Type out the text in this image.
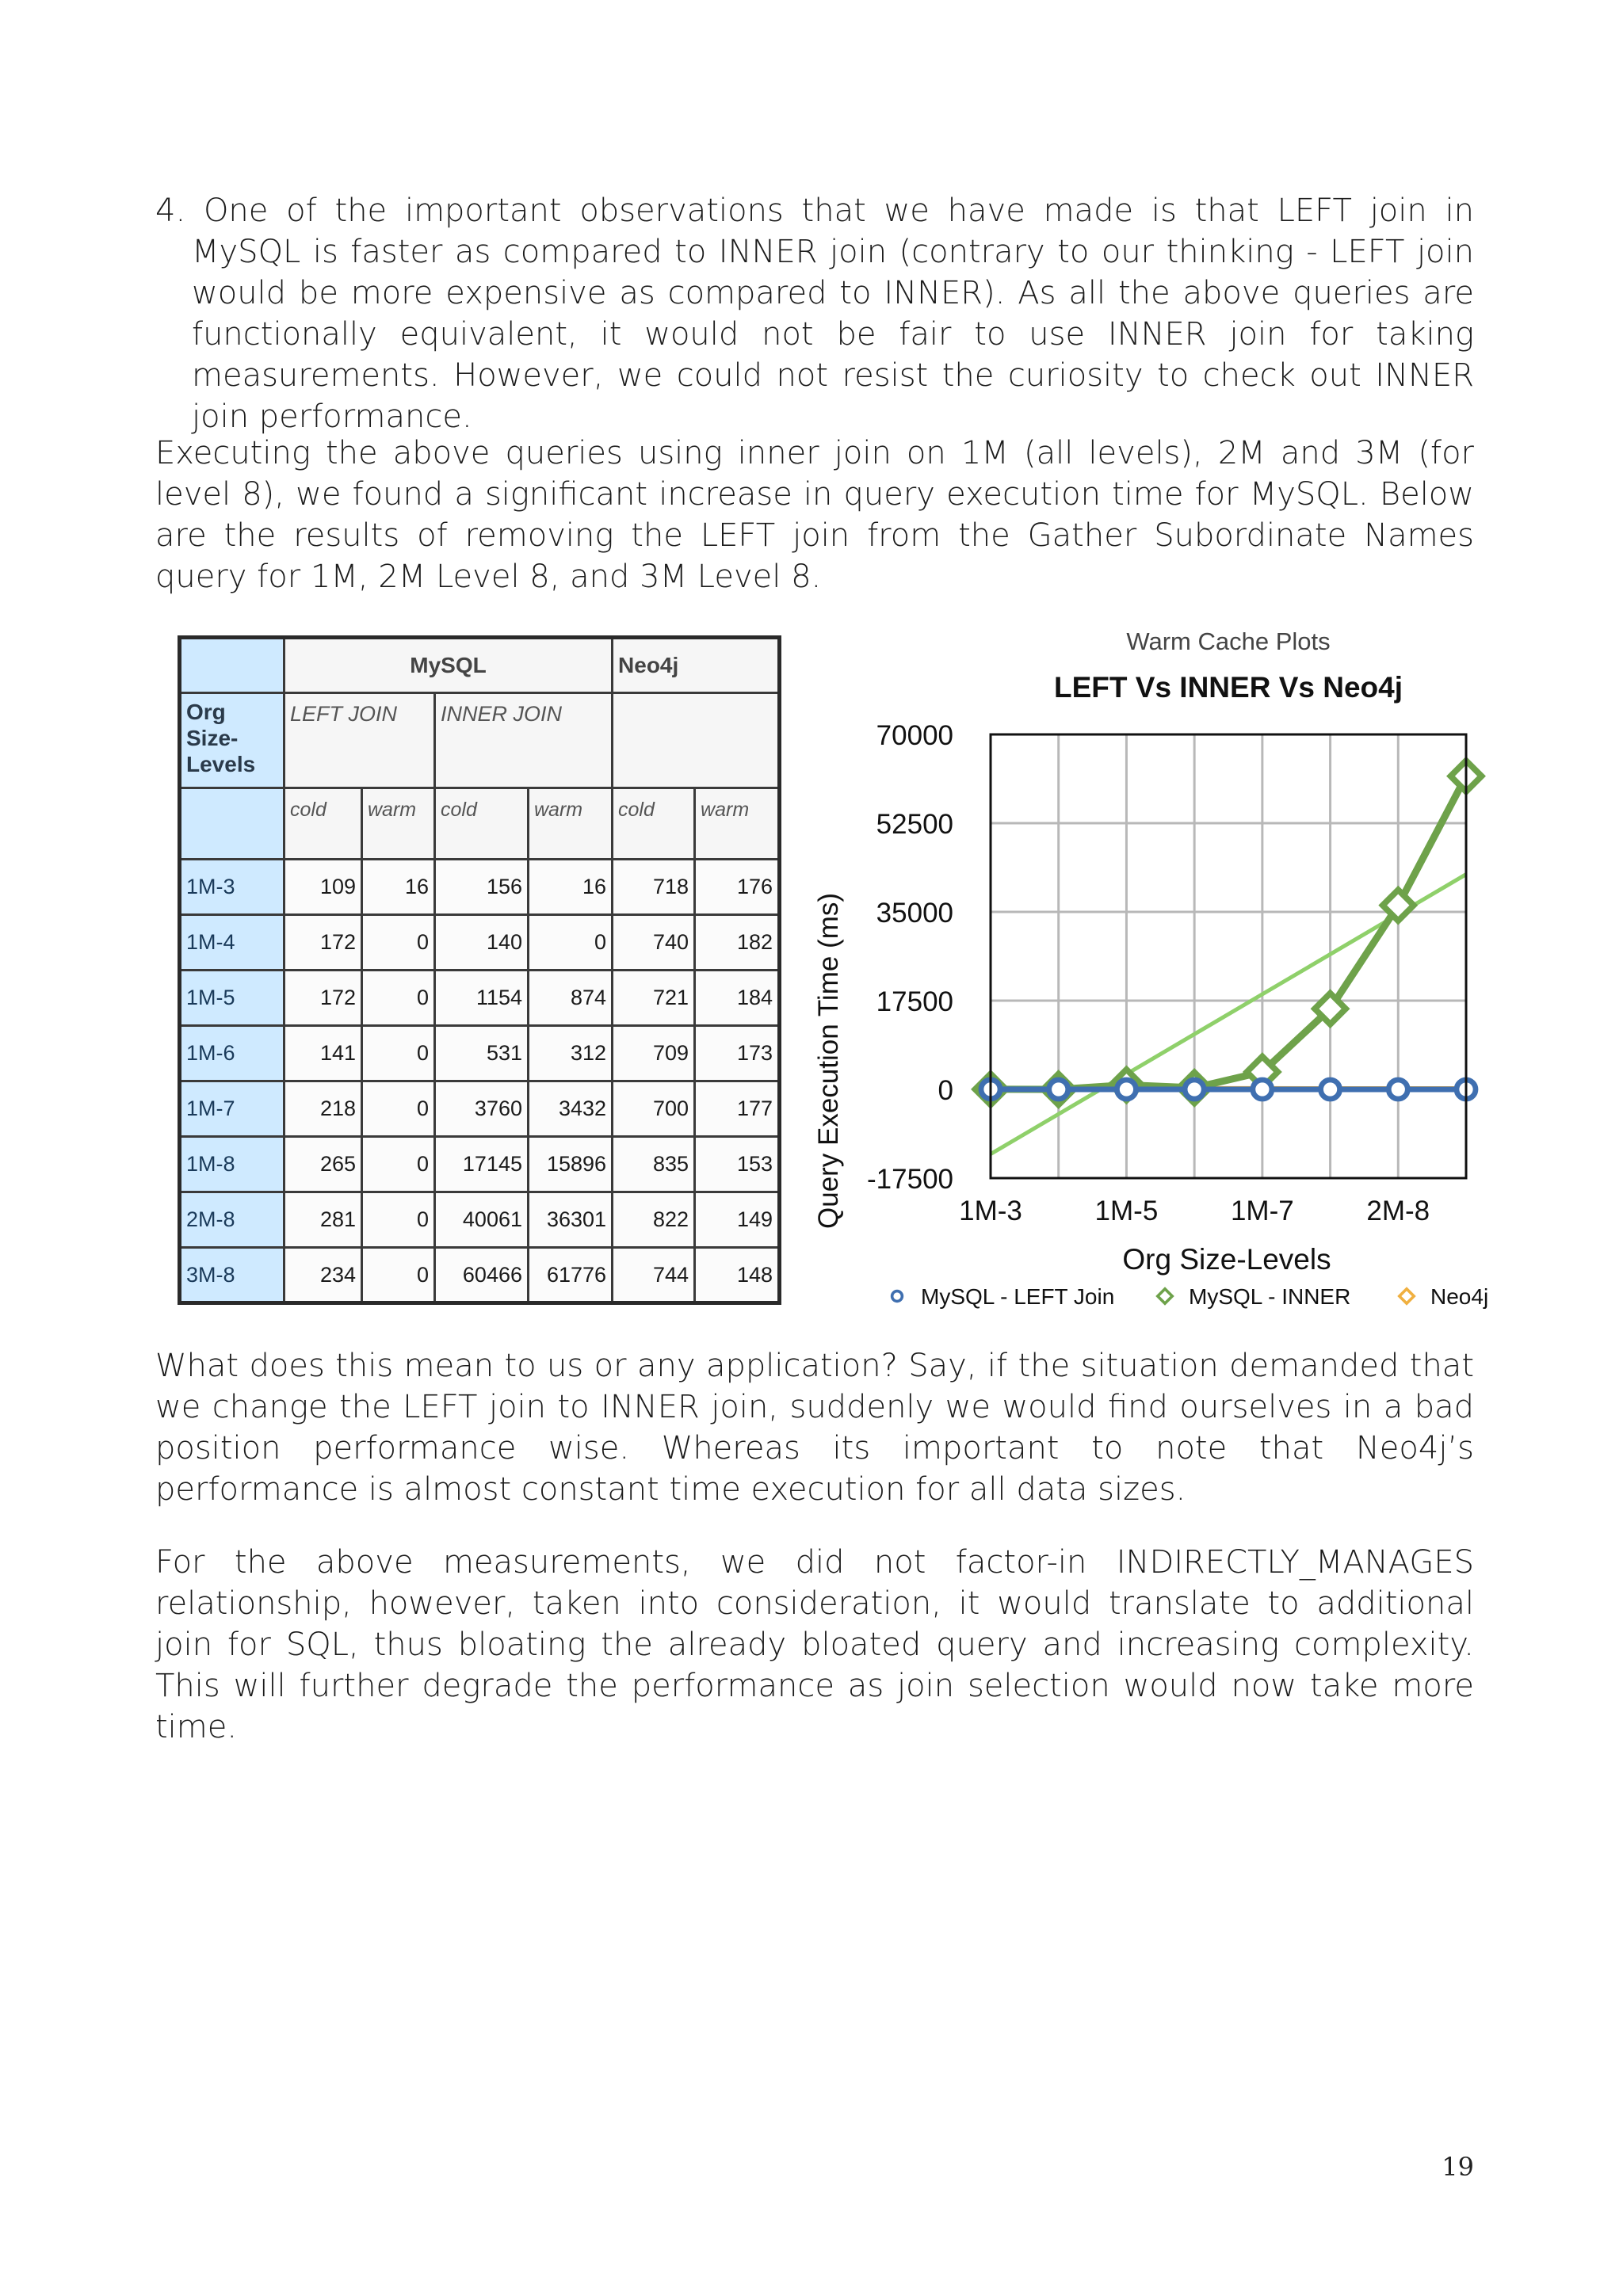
4. One of the important observations that we have made is that LEFT join in MySQL is faster as compared to INNER join (contrary to our thinking - LEFT join would be more expensive as compared to INNER). As all the above queries are functionally equivalent, it would not be fair to use INNER join for taking measurements. However, we could not resist the curiosity to check out INNER join performance.

Executing the above queries using inner join on 1M (all levels), 2M and 3M (for level 8), we found a significant increase in query execution time for MySQL. Below are the results of removing the LEFT join from the Gather Subordinate Names query for 1M, 2M Level 8, and 3M Level 8.

	MySQL				Neo4j	
Org Size-Levels	LEFT JOIN		INNER JOIN			
	cold	warm	cold	warm	cold	warm
1M-3	109	16	156	16	718	176
1M-4	172	0	140	0	740	182
1M-5	172	0	1154	874	721	184
1M-6	141	0	531	312	709	173
1M-7	218	0	3760	3432	700	177
1M-8	265	0	17145	15896	835	153
2M-8	281	0	40061	36301	822	149
3M-8	234	0	60466	61776	744	148
Warm Cache Plots
LEFT Vs INNER Vs Neo4j
Query Execution Time (ms)
Org Size-Levels
70000
52500
35000
17500
0
-17500
1M-3	1M-5	1M-7	2M-8
MySQL - LEFT Join	MySQL - INNER	Neo4j

What does this mean to us or any application? Say, if the situation demanded that we change the LEFT join to INNER join, suddenly we would find ourselves in a bad position performance wise. Whereas its important to note that Neo4j’s performance is almost constant time execution for all data sizes.

For the above measurements, we did not factor-in INDIRECTLY_MANAGES relationship, however, taken into consideration, it would translate to additional join for SQL, thus bloating the already bloated query and increasing complexity. This will further degrade the performance as join selection would now take more time.

19
